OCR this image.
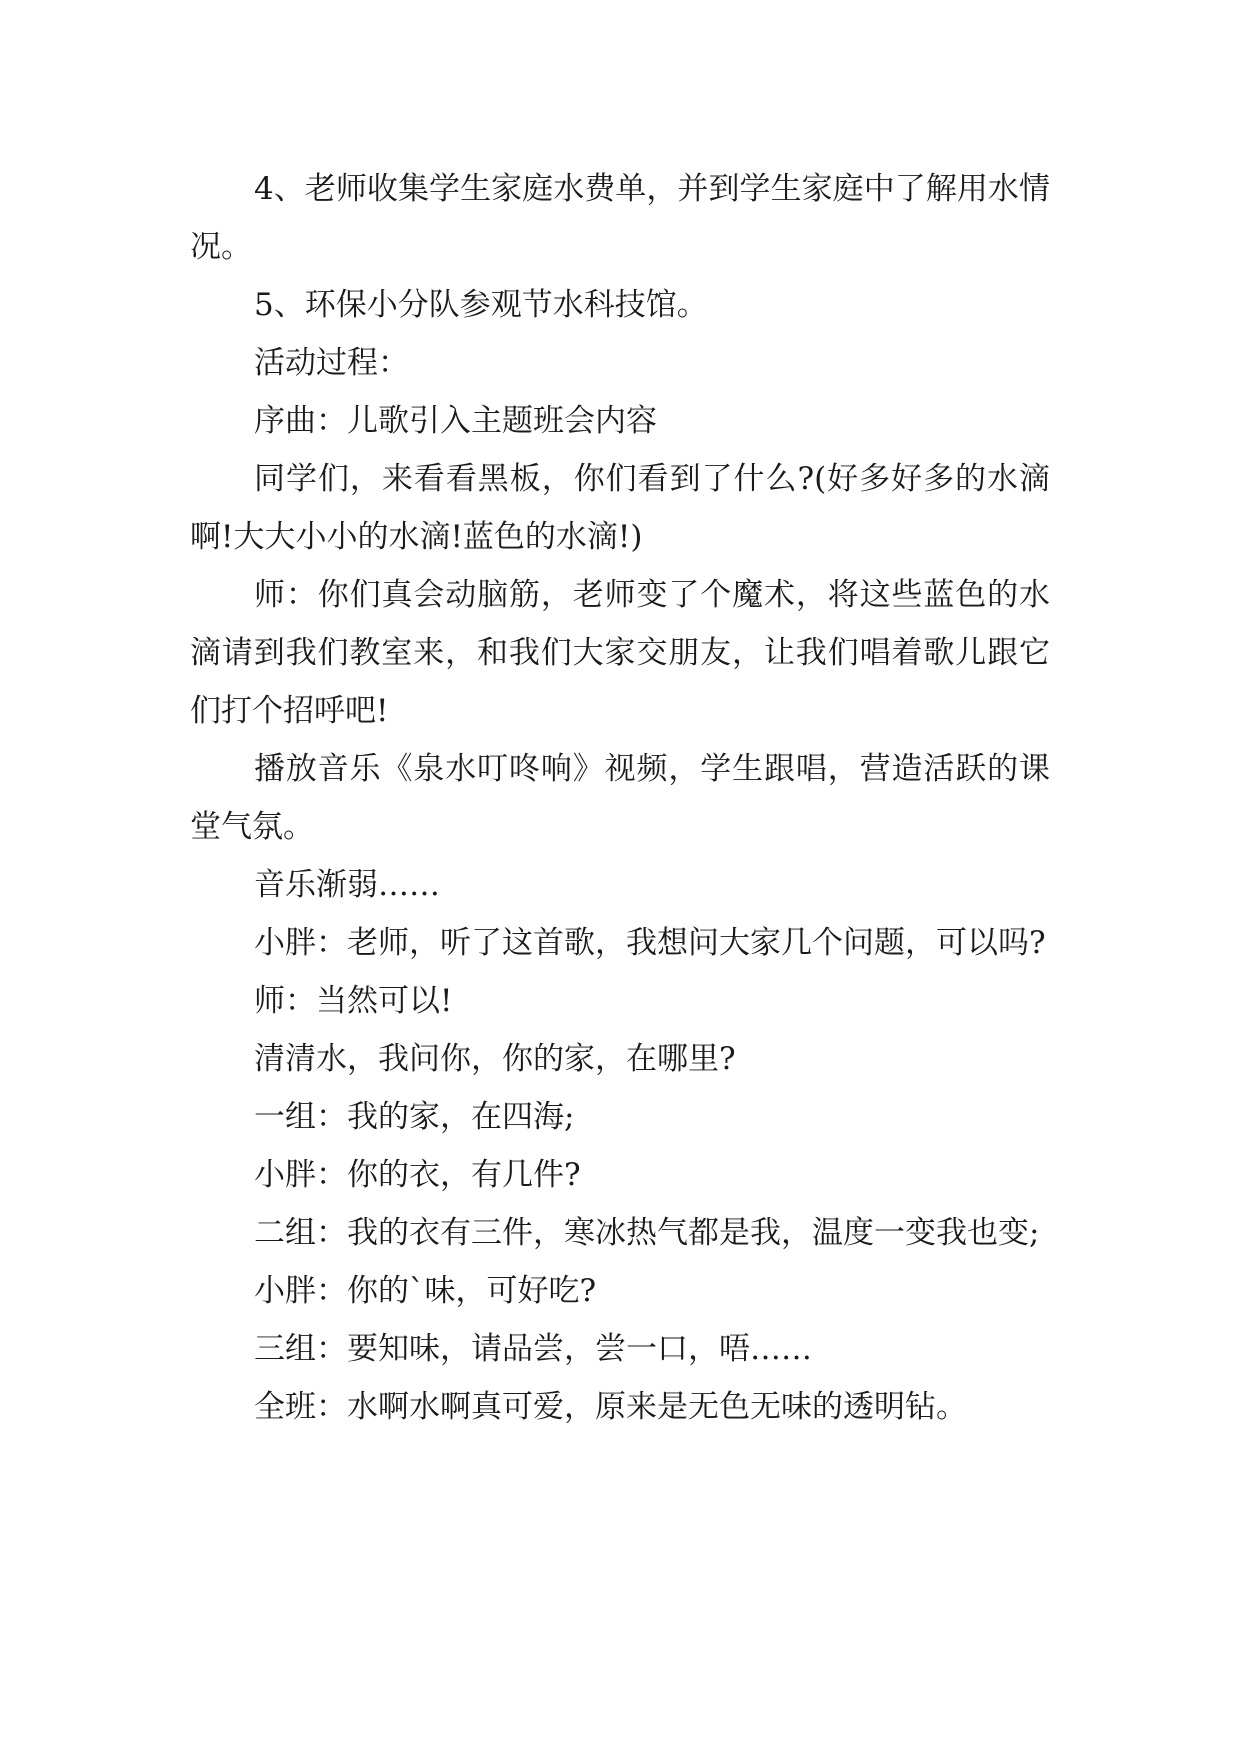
4、老师收集学生家庭水费单，并到学生家庭中了解用水情况。

5、环保小分队参观节水科技馆。

活动过程：

序曲：儿歌引入主题班会内容

同学们，来看看黑板，你们看到了什么?(好多好多的水滴啊!大大小小的水滴!蓝色的水滴!)

师：你们真会动脑筋，老师变了个魔术，将这些蓝色的水滴请到我们教室来，和我们大家交朋友，让我们唱着歌儿跟它们打个招呼吧!

播放音乐《泉水叮咚响》视频，学生跟唱，营造活跃的课堂气氛。

音乐渐弱……

小胖：老师，听了这首歌，我想问大家几个问题，可以吗?

师：当然可以!

清清水，我问你，你的家，在哪里?

一组：我的家，在四海;

小胖：你的衣，有几件?

二组：我的衣有三件，寒冰热气都是我，温度一变我也变;

小胖：你的`味，可好吃?

三组：要知味，请品尝，尝一口，唔……

全班：水啊水啊真可爱，原来是无色无味的透明钻。
